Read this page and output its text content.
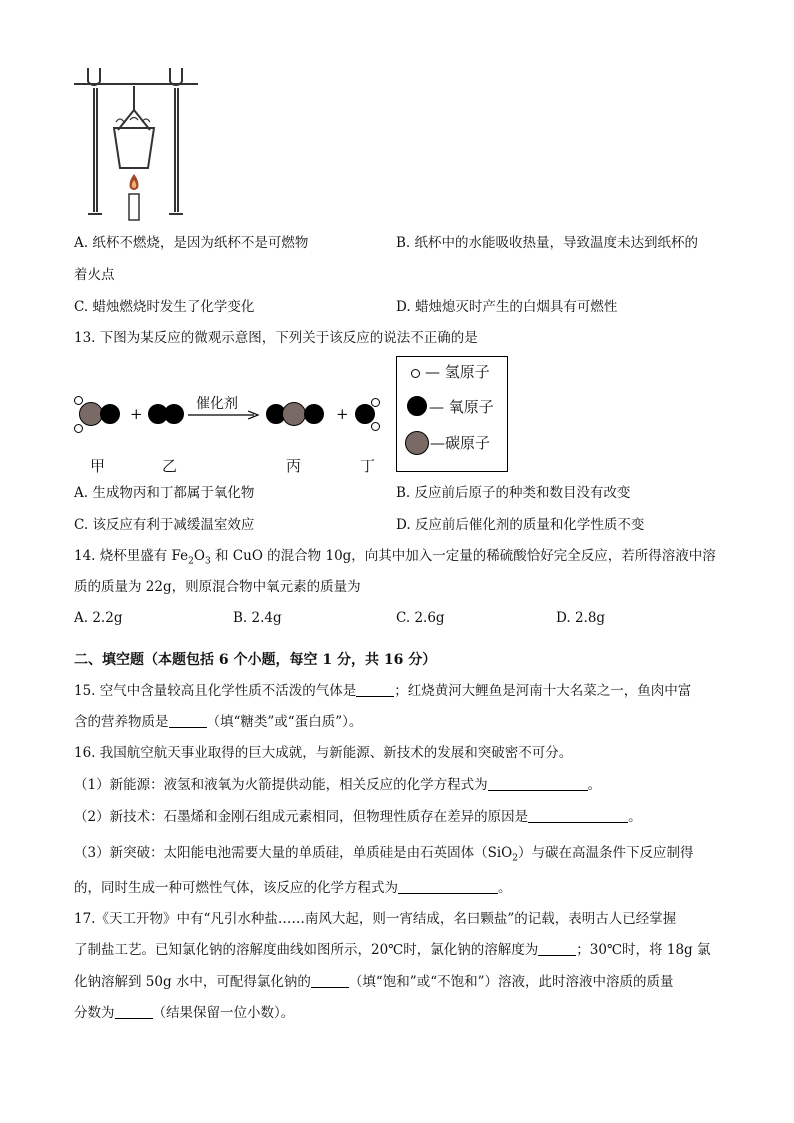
A. 纸杯不燃烧，是因为纸杯不是可燃物	B. 纸杯中的水能吸收热量，导致温度未达到纸杯的
着火点
C. 蜡烛燃烧时发生了化学变化	D. 蜡烛熄灭时产生的白烟具有可燃性
13. 下图为某反应的微观示意图，下列关于该反应的说法不正确的是
+
催化剂
+
甲	乙	丙	丁
— 氢原子
— 氧原子
—碳原子
A. 生成物丙和丁都属于氧化物	B. 反应前后原子的种类和数目没有改变
C. 该反应有利于减缓温室效应	D. 反应前后催化剂的质量和化学性质不变
14. 烧杯里盛有 $Fe_2O_3$ 和 CuO 的混合物 10g，向其中加入一定量的稀硫酸恰好完全反应，若所得溶液中溶
质的质量为 22g，则原混合物中氧元素的质量为
A. 2.2g	B. 2.4g	C. 2.6g	D. 2.8g
二、填空题（本题包括 6 个小题，每空 1 分，共 16 分）
15. 空气中含量较高且化学性质不活泼的气体是	；红烧黄河大鲤鱼是河南十大名菜之一，鱼肉中富
含的营养物质是	（填“糖类”或“蛋白质”）。
16. 我国航空航天事业取得的巨大成就，与新能源、新技术的发展和突破密不可分。
（1）新能源：液氢和液氧为火箭提供动能，相关反应的化学方程式为	。
（2）新技术：石墨烯和金刚石组成元素相同，但物理性质存在差异的原因是	。
（3）新突破：太阳能电池需要大量的单质硅，单质硅是由石英固体（SiO$_2$）与碳在高温条件下反应制得
的，同时生成一种可燃性气体，该反应的化学方程式为	。
17.《天工开物》中有“凡引水种盐……南风大起，则一宵结成，名曰颗盐”的记载，表明古人已经掌握
了制盐工艺。已知氯化钠的溶解度曲线如图所示，20℃时，氯化钠的溶解度为	；30℃时，将 18g 氯
化钠溶解到 50g 水中，可配得氯化钠的	（填“饱和”或“不饱和”）溶液，此时溶液中溶质的质量
分数为	（结果保留一位小数）。
